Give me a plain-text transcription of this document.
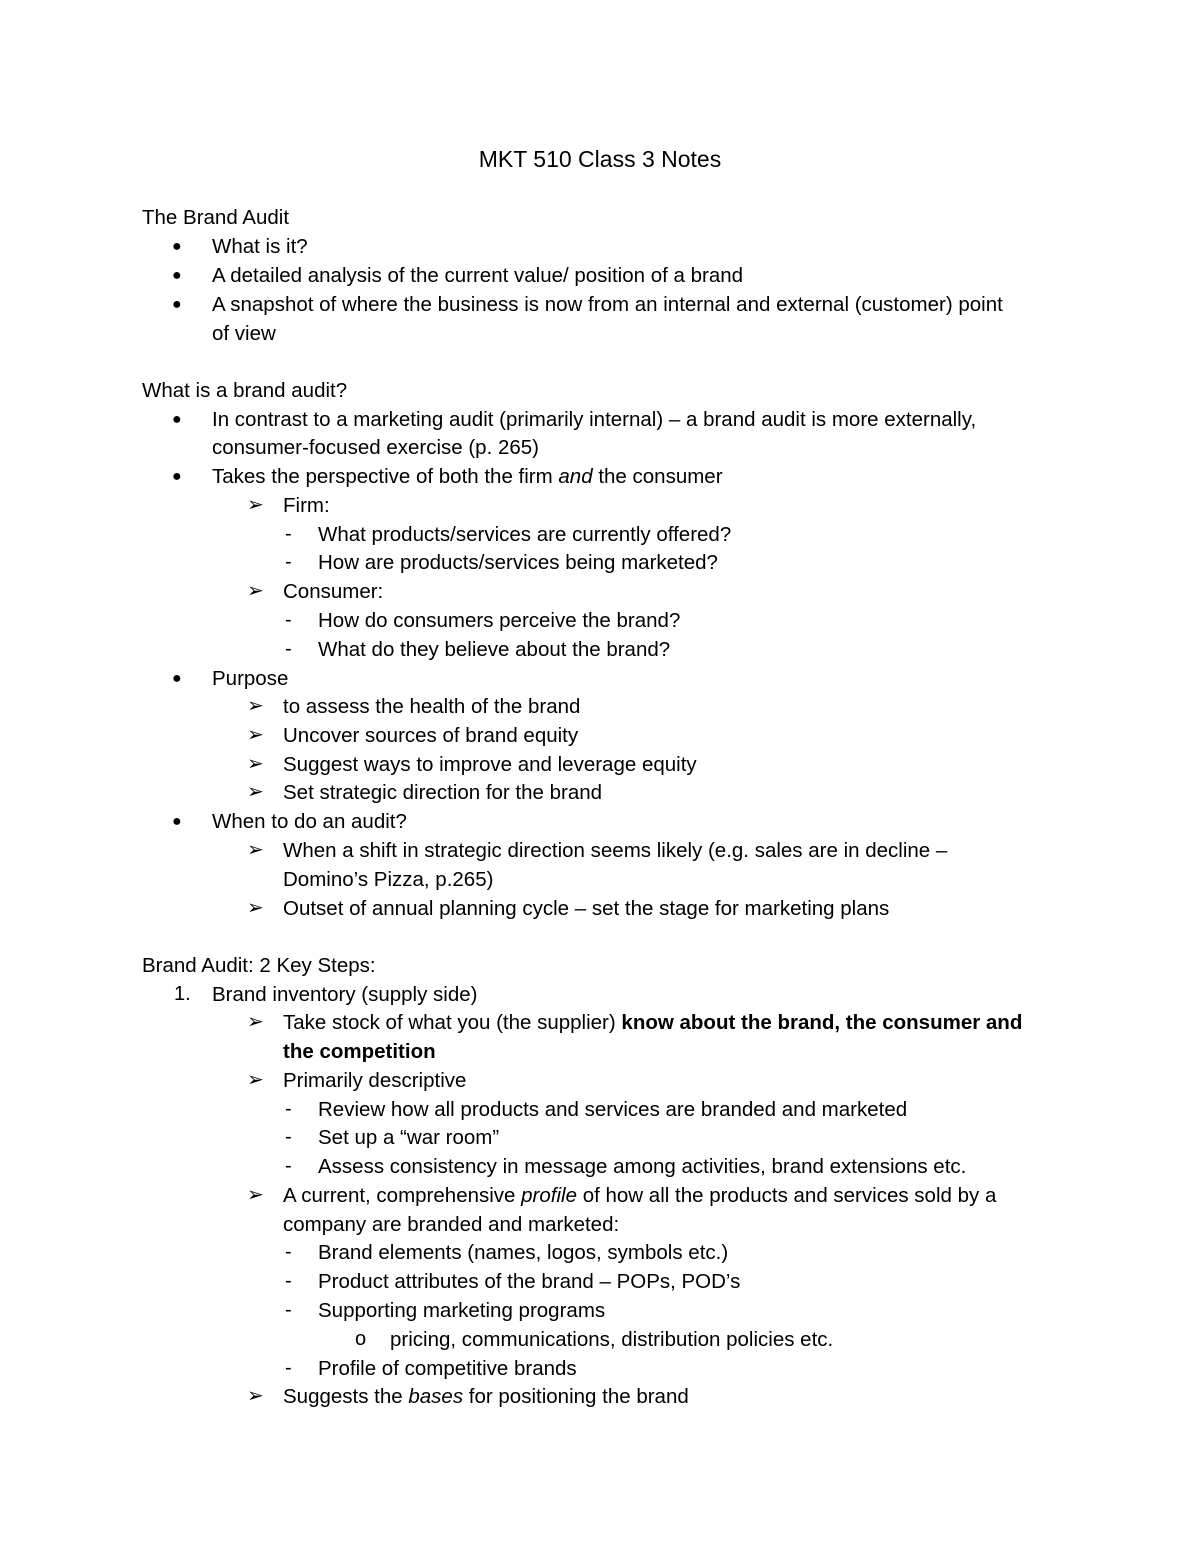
MKT 510 Class 3 Notes
The Brand Audit
● What is it?
● A detailed analysis of the current value/ position of a brand
● A snapshot of where the business is now from an internal and external (customer) point
of view
What is a brand audit?
● In contrast to a marketing audit (primarily internal) – a brand audit is more externally,
consumer-focused exercise (p. 265)
● Takes the perspective of both the firm and the consumer
➢ Firm:
- What products/services are currently offered?
- How are products/services being marketed?
➢ Consumer:
- How do consumers perceive the brand?
- What do they believe about the brand?
● Purpose
➢ to assess the health of the brand
➢ Uncover sources of brand equity
➢ Suggest ways to improve and leverage equity
➢ Set strategic direction for the brand
● When to do an audit?
➢ When a shift in strategic direction seems likely (e.g. sales are in decline –
Domino’s Pizza, p.265)
➢ Outset of annual planning cycle – set the stage for marketing plans
Brand Audit: 2 Key Steps:
1. Brand inventory (supply side)
➢ Take stock of what you (the supplier) know about the brand, the consumer and
the competition
➢ Primarily descriptive
- Review how all products and services are branded and marketed
- Set up a “war room”
- Assess consistency in message among activities, brand extensions etc.
➢ A current, comprehensive profile of how all the products and services sold by a
company are branded and marketed:
- Brand elements (names, logos, symbols etc.)
- Product attributes of the brand – POPs, POD’s
- Supporting marketing programs
o pricing, communications, distribution policies etc.
- Profile of competitive brands
➢ Suggests the bases for positioning the brand
